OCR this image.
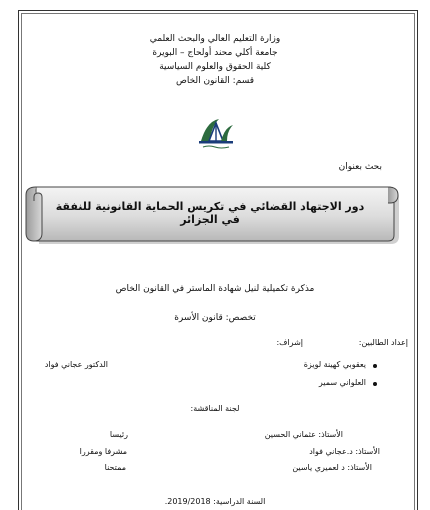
وزارة التعليم العالي والبحث العلمي
جامعة أكلي محند أولحاج – البويرة
كلية الحقوق والعلوم السياسية
قسم: القانون الخاص
بحث بعنوان
دور الاجتهاد القضائي في تكريس الحماية القانونية للنفقة في الجزائر
مذكرة تكميلية لنيل شهادة الماستر في القانون الخاص
تخصص: قانون الأسرة
إعداد الطالبين:
إشراف:
يعقوبي كهينة لويزة
الدكتور عجاني فواد
العلواني سمير
لجنة المناقشة:
الأستاذ: عثماني الحسين
رئيسا
الأستاذ: د.عجاني فواد
مشرفا ومقررا
الأستاذ: د لعميري ياسين
ممتحنا
السنة الدراسية: 2019/2018.
